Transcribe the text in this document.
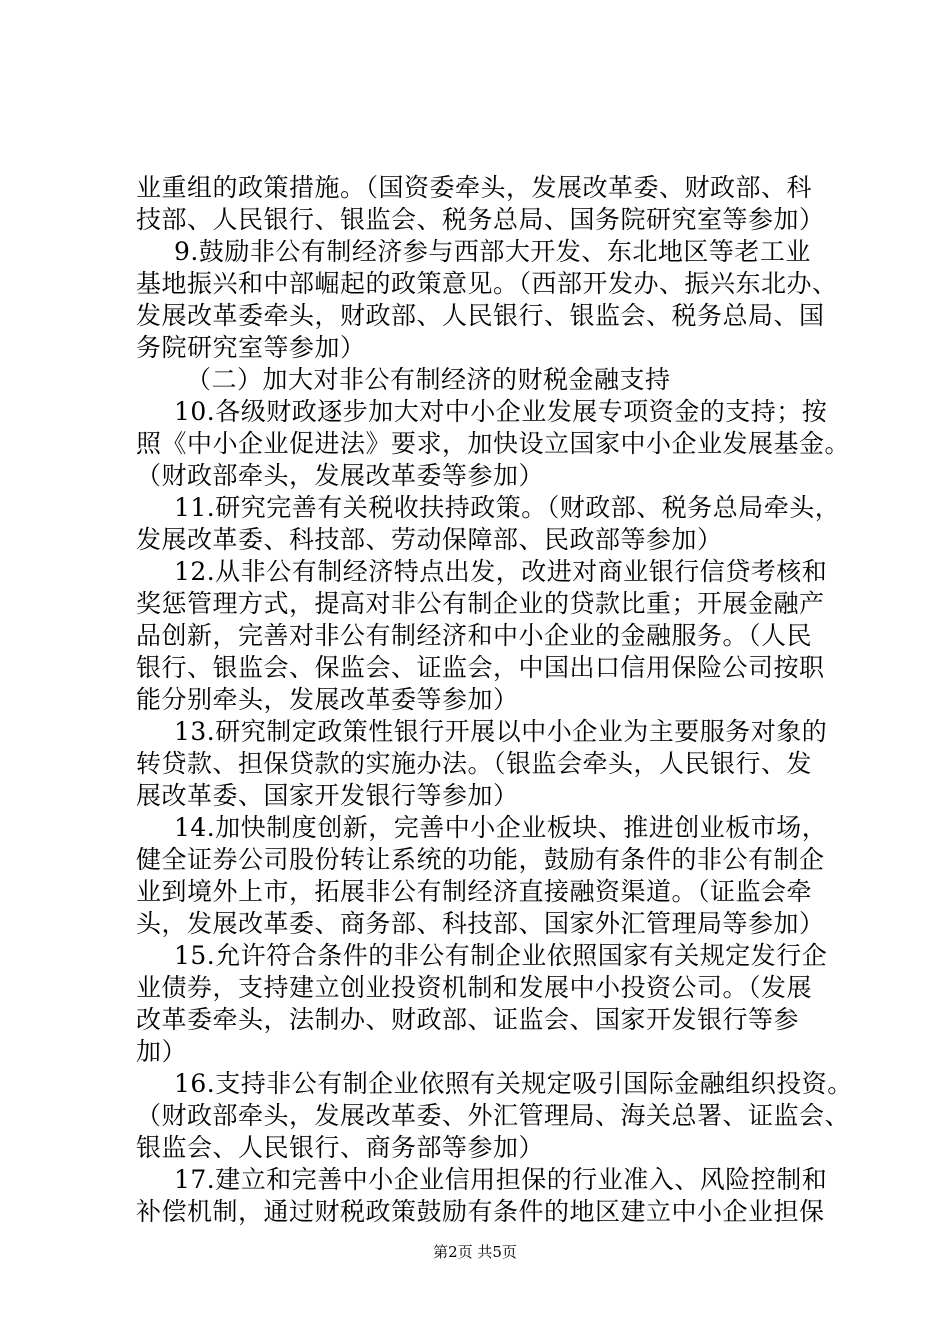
业重组的政策措施。（国资委牵头，发展改革委、财政部、科
技部、人民银行、银监会、税务总局、国务院研究室等参加）
9.鼓励非公有制经济参与西部大开发、东北地区等老工业
基地振兴和中部崛起的政策意见。（西部开发办、振兴东北办、
发展改革委牵头，财政部、人民银行、银监会、税务总局、国
务院研究室等参加）
（二）加大对非公有制经济的财税金融支持
10.各级财政逐步加大对中小企业发展专项资金的支持；按
照《中小企业促进法》要求，加快设立国家中小企业发展基金。
（财政部牵头，发展改革委等参加）
11.研究完善有关税收扶持政策。（财政部、税务总局牵头，
发展改革委、科技部、劳动保障部、民政部等参加）
12.从非公有制经济特点出发，改进对商业银行信贷考核和
奖惩管理方式，提高对非公有制企业的贷款比重；开展金融产
品创新，完善对非公有制经济和中小企业的金融服务。（人民
银行、银监会、保监会、证监会，中国出口信用保险公司按职
能分别牵头，发展改革委等参加）
13.研究制定政策性银行开展以中小企业为主要服务对象的
转贷款、担保贷款的实施办法。（银监会牵头，人民银行、发
展改革委、国家开发银行等参加）
14.加快制度创新，完善中小企业板块、推进创业板市场，
健全证券公司股份转让系统的功能，鼓励有条件的非公有制企
业到境外上市，拓展非公有制经济直接融资渠道。（证监会牵
头，发展改革委、商务部、科技部、国家外汇管理局等参加）
15.允许符合条件的非公有制企业依照国家有关规定发行企
业债券，支持建立创业投资机制和发展中小投资公司。（发展
改革委牵头，法制办、财政部、证监会、国家开发银行等参
加）
16.支持非公有制企业依照有关规定吸引国际金融组织投资。
第2页 共5页
（财政部牵头，发展改革委、外汇管理局、海关总署、证监会、
银监会、人民银行、商务部等参加）
17.建立和完善中小企业信用担保的行业准入、风险控制和
补偿机制，通过财税政策鼓励有条件的地区建立中小企业担保
